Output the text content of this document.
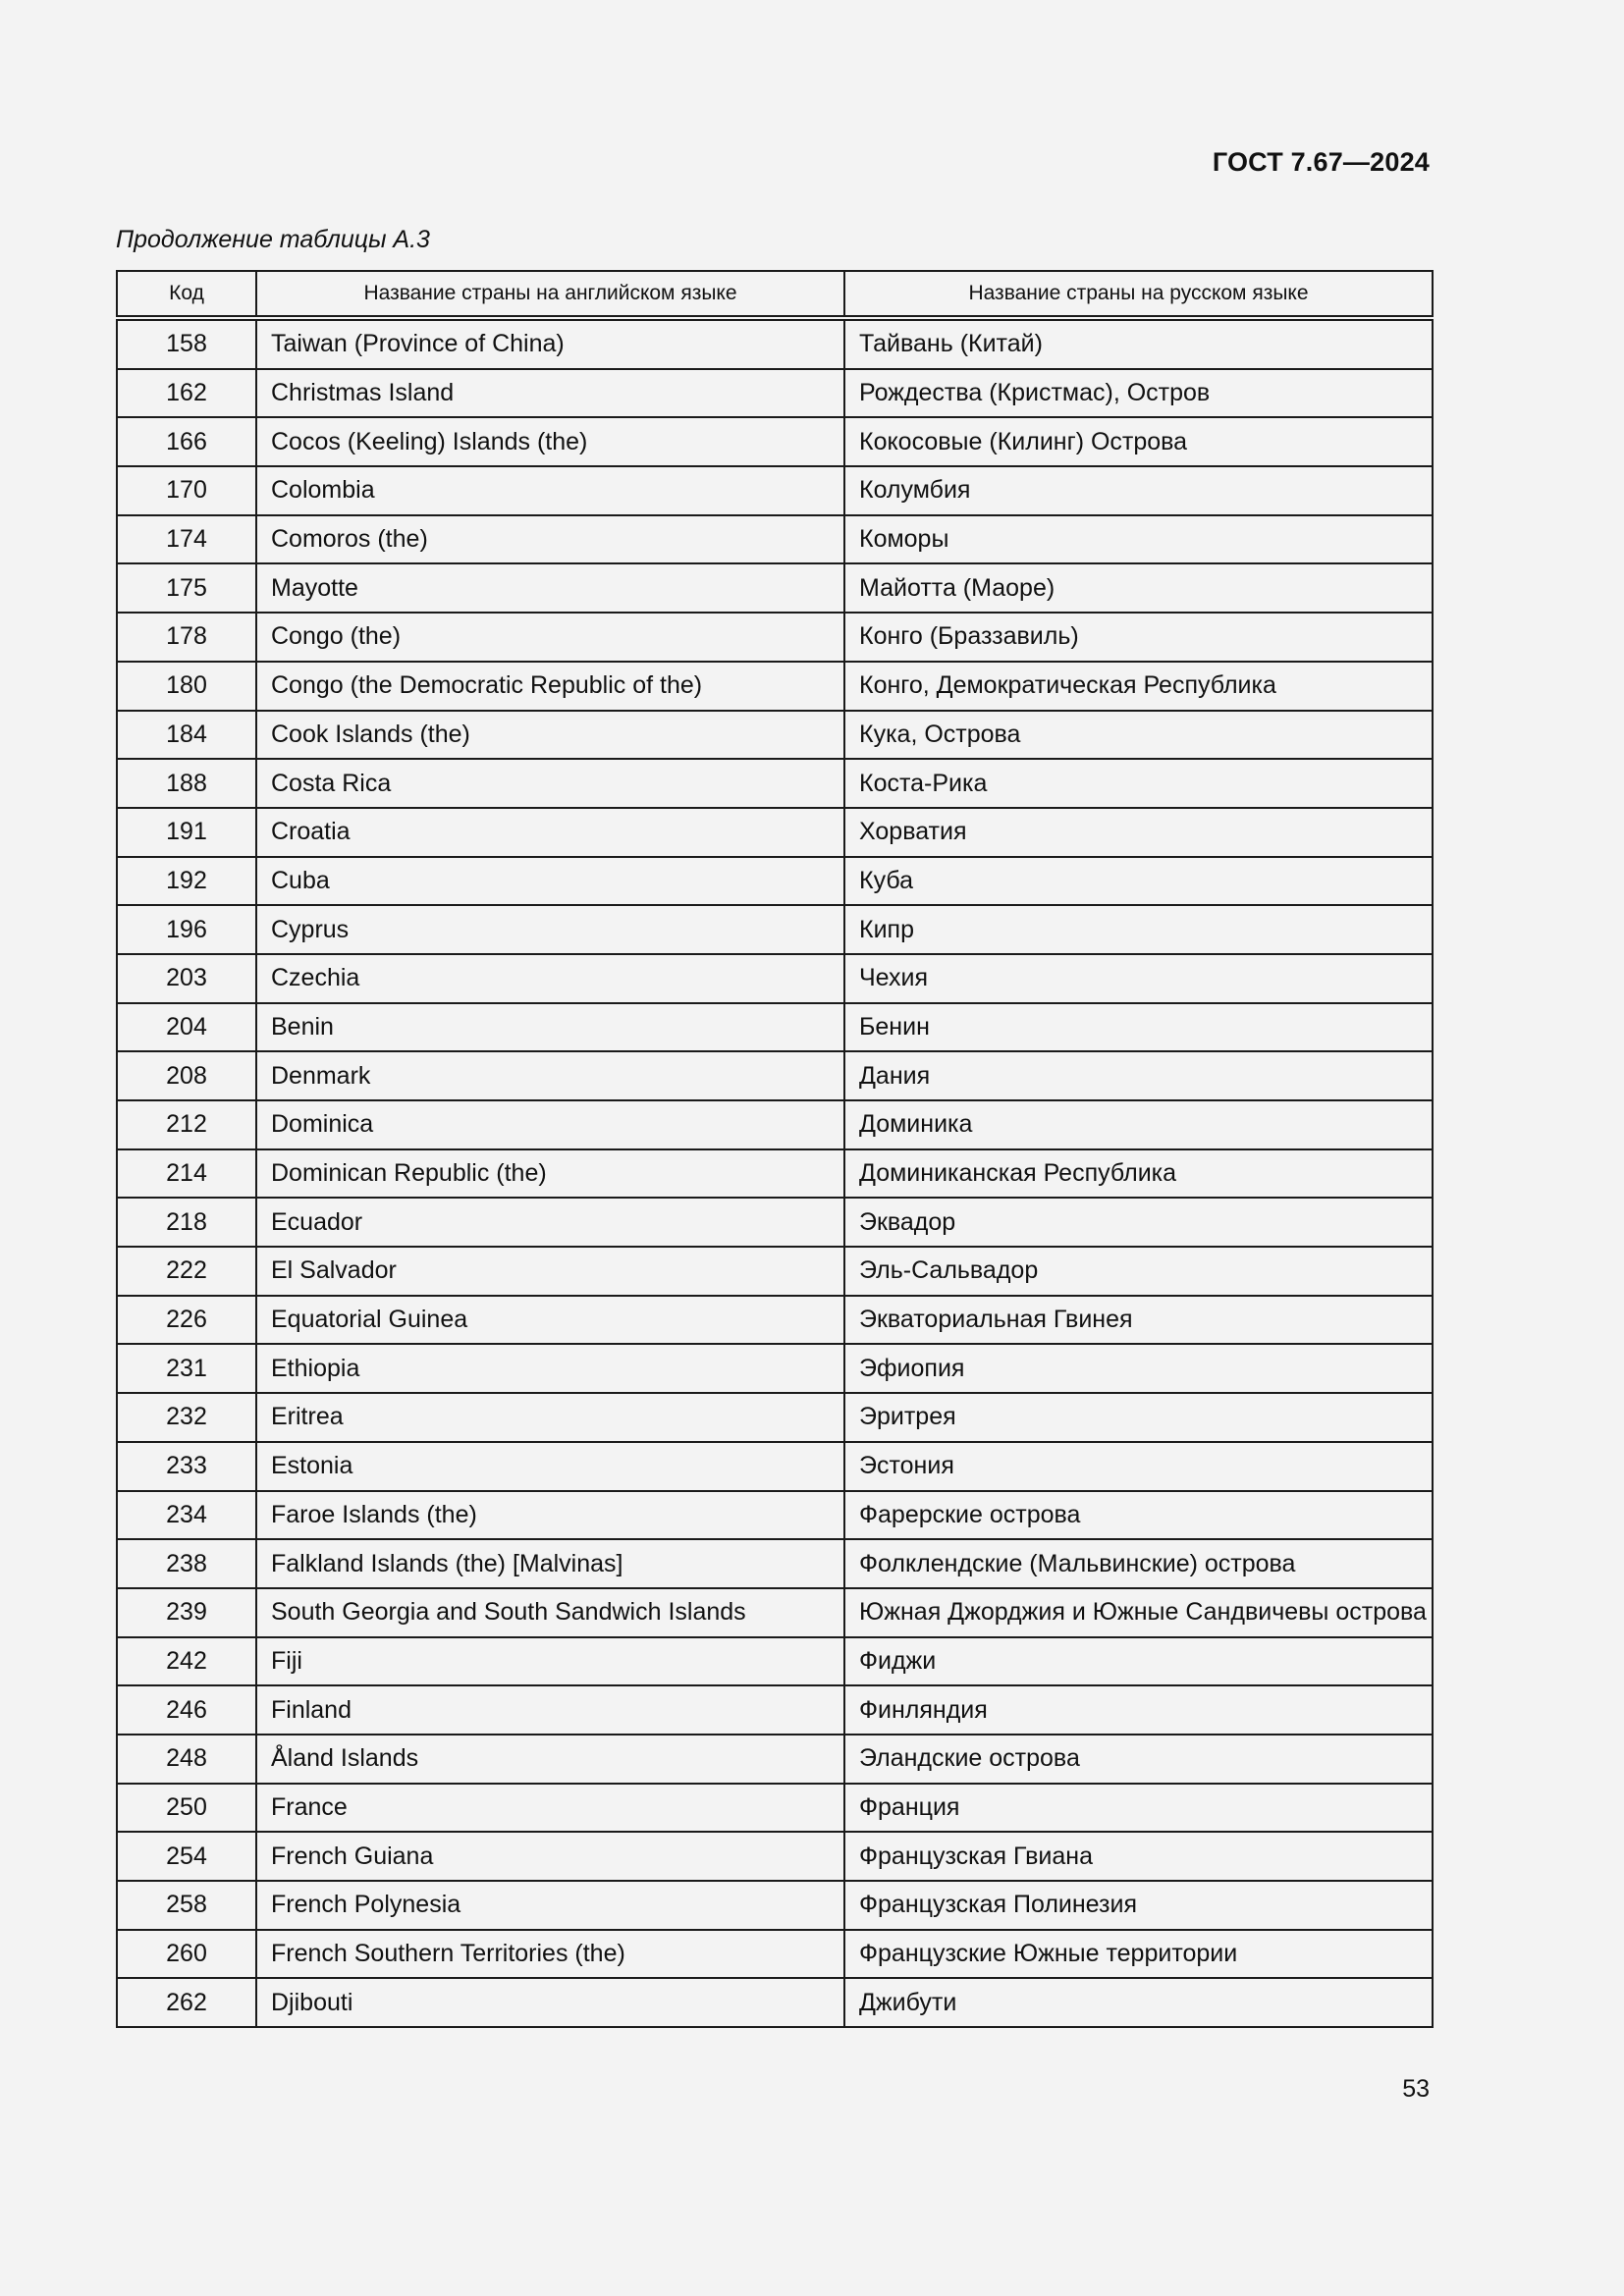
ГОСТ 7.67—2024
Продолжение таблицы А.3
Код	Название страны на английском языке	Название страны на русском языке
158	Taiwan (Province of China)	Тайвань (Китай)
162	Christmas Island	Рождества (Кристмас), Остров
166	Cocos (Keeling) Islands (the)	Кокосовые (Килинг) Острова
170	Colombia	Колумбия
174	Comoros (the)	Коморы
175	Mayotte	Майотта (Маоре)
178	Congo (the)	Конго (Браззавиль)
180	Congo (the Democratic Republic of the)	Конго, Демократическая Республика
184	Cook Islands (the)	Кука, Острова
188	Costa Rica	Коста-Рика
191	Croatia	Хорватия
192	Cuba	Куба
196	Cyprus	Кипр
203	Czechia	Чехия
204	Benin	Бенин
208	Denmark	Дания
212	Dominica	Доминика
214	Dominican Republic (the)	Доминиканская Республика
218	Ecuador	Эквадор
222	El Salvador	Эль-Сальвадор
226	Equatorial Guinea	Экваториальная Гвинея
231	Ethiopia	Эфиопия
232	Eritrea	Эритрея
233	Estonia	Эстония
234	Faroe Islands (the)	Фарерские острова
238	Falkland Islands (the) [Malvinas]	Фолклендские (Мальвинские) острова
239	South Georgia and South Sandwich Islands	Южная Джорджия и Южные Сандвичевы острова
242	Fiji	Фиджи
246	Finland	Финляндия
248	Åland Islands	Эландские острова
250	France	Франция
254	French Guiana	Французская Гвиана
258	French Polynesia	Французская Полинезия
260	French Southern Territories (the)	Французские Южные территории
262	Djibouti	Джибути
53
